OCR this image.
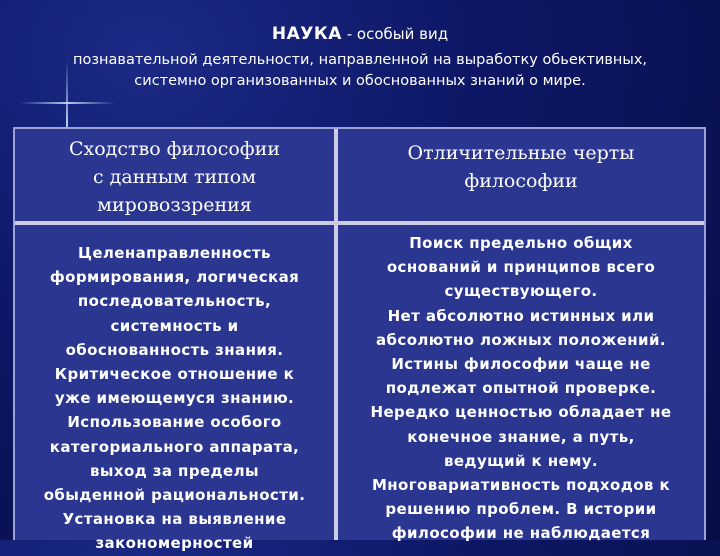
НАУКА - особый вид
познавательной деятельности, направленной на выработку обьективных,
системно организованных и обоснованных знаний о мире.
Сходство философии
с данным типом
мировоззрения
Отличительные черты
философии
Целенаправленность
формирования, логическая
последовательность,
системность и
обоснованность знания.
Критическое отношение к
уже имеющемуся знанию.
Использование особого
категориального аппарата,
выход за пределы
обыденной рациональности.
Установка на выявление
закономерностей
Поиск предельно общих
оснований и принципов всего
существующего.
Нет абсолютно истинных или
абсолютно ложных положений.
Истины философии чаще не
подлежат опытной проверке.
Нередко ценностью обладает не
конечное знание, а путь,
ведущий к нему.
Многовариативность подходов к
решению проблем. В истории
философии не наблюдается
